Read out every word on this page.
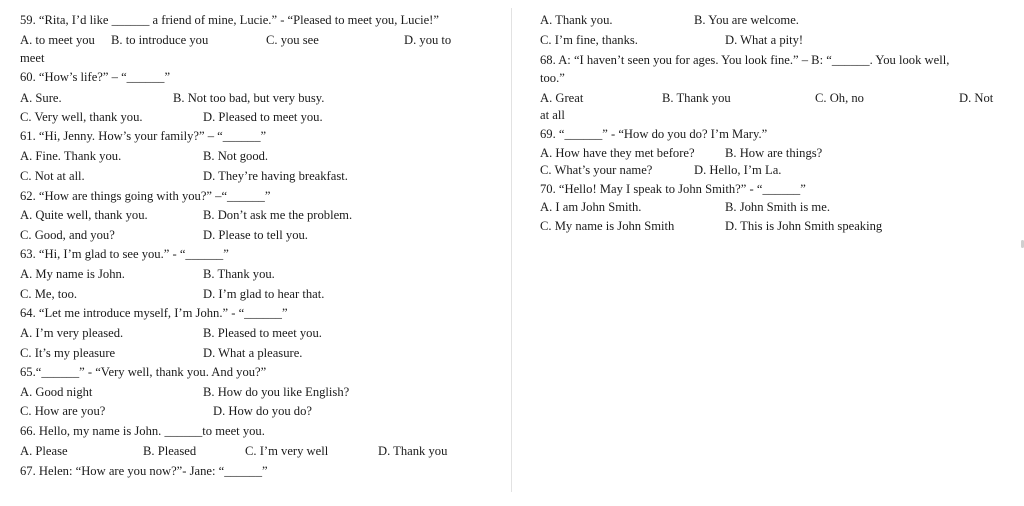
59. “Rita, I’d like ______ a friend of mine, Lucie.” - “Pleased to meet you, Lucie!”
A. to meet you B. to introduce you	C. you see	D. you to
meet
60. “How’s life?” – “______”
A. Sure.	B. Not too bad, but very busy.
C. Very well, thank you.	D. Pleased to meet you.
61. “Hi, Jenny. How’s your family?” – “______”
A. Fine. Thank you.	B. Not good.
C. Not at all.	D. They’re having breakfast.
62. “How are things going with you?” –“______”
A. Quite well, thank you.	B. Don’t ask me the problem.
C. Good, and you?	D. Please to tell you.
63. “Hi, I’m glad to see you.” - “______”
A. My name is John.	B. Thank you.
C. Me, too.	D. I’m glad to hear that.
64. “Let me introduce myself, I’m John.” - “______”
A. I’m very pleased.	B. Pleased to meet you.
C. It’s my pleasure	D. What a pleasure.
65.“______” - “Very well, thank you. And you?”
A. Good night	B. How do you like English?
C. How are you?	D. How do you do?
66. Hello, my name is John. ______to meet you.
A. Please	B. Pleased	C. I’m very well	D. Thank you
67. Helen: “How are you now?”- Jane: “______”
A. Thank you.	B. You are welcome.
C. I’m fine, thanks.	D. What a pity!
68. A: “I haven’t seen you for ages. You look fine.” – B: “______. You look well,
too.”
A. Great	B. Thank you	C. Oh, no	D. Not
at all
69. “______” - “How do you do? I’m Mary.”
A. How have they met before? B. How are things?
C. What’s your name?	D. Hello, I’m La.
70. “Hello! May I speak to John Smith?” - “______”
A. I am John Smith.	B. John Smith is me.
C. My name is John Smith	D. This is John Smith speaking
